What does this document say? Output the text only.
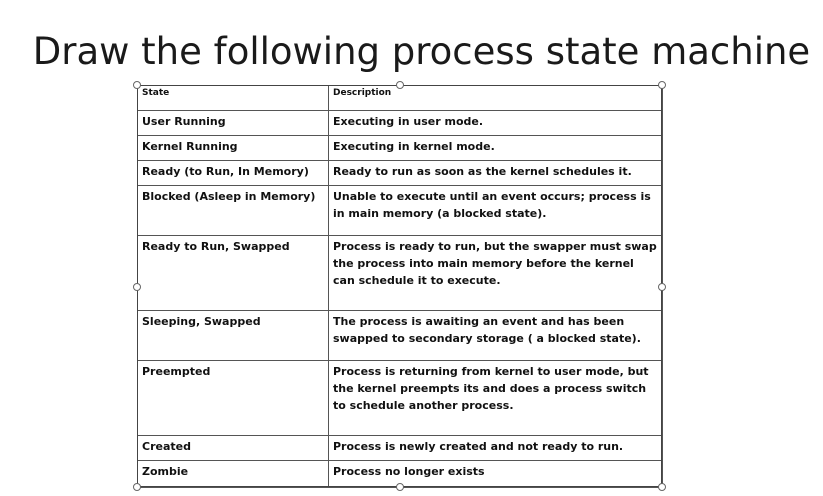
Draw the following process state machine
State	Description
User Running	Executing in user mode.
Kernel Running	Executing in kernel mode.
Ready (to Run, In Memory)	Ready to run as soon as the kernel schedules it.
Blocked (Asleep in Memory)	Unable to execute until an event occurs; process is in main memory (a blocked state).
Ready to Run, Swapped	Process is ready to run, but the swapper must swap the process into main memory before the kernel can schedule it to execute.
Sleeping, Swapped	The process is awaiting an event and has been swapped to secondary storage ( a blocked state).
Preempted	Process is returning from kernel to user mode, but the kernel preempts its and does a process switch to schedule another process.
Created	Process is newly created and not ready to run.
Zombie	Process no longer exists
